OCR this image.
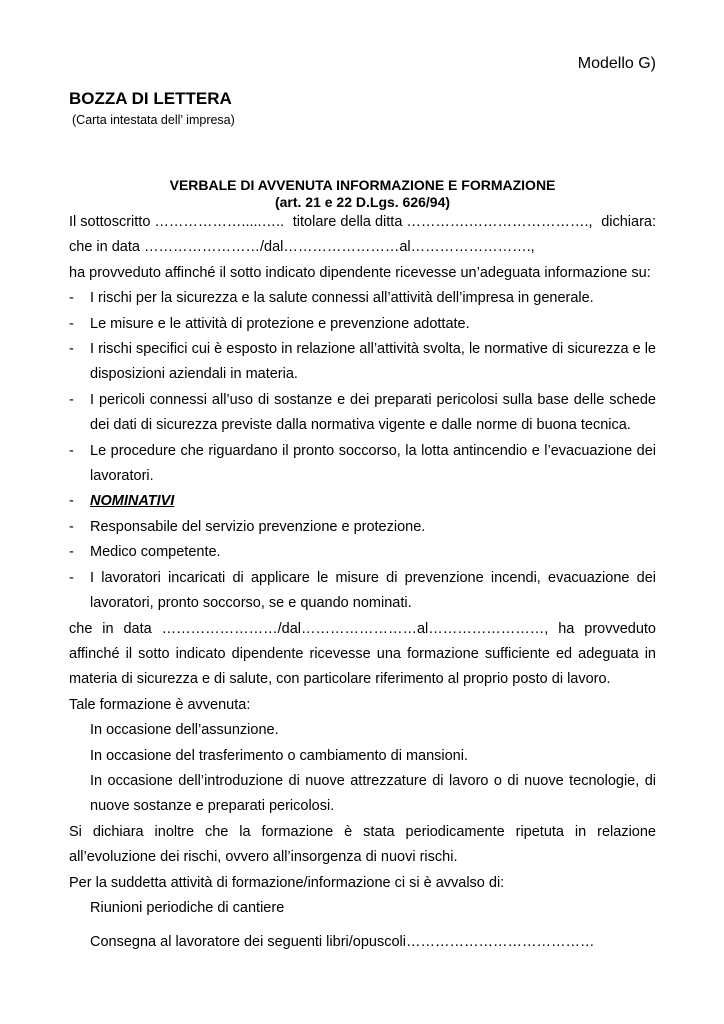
Modello G)
BOZZA DI LETTERA
(Carta intestata dell’ impresa)
VERBALE DI AVVENUTA INFORMAZIONE E FORMAZIONE
(art. 21 e 22 D.Lgs. 626/94)
Il sottoscritto ……………….....….. titolare della ditta ………….……………………., dichiara:
che in data ……………………/dal……………………al…………………….,
ha provveduto affinché il sotto indicato dipendente ricevesse un’adeguata informazione su:
-	I rischi per la sicurezza e la salute connessi all’attività dell’impresa in generale.
-	Le misure e le attività di protezione e prevenzione adottate.
-	I rischi specifici cui è esposto in relazione all’attività svolta, le normative di sicurezza e le disposizioni aziendali in materia.
-	I pericoli connessi all’uso di sostanze e dei preparati pericolosi sulla base delle schede dei dati di sicurezza previste dalla normativa vigente e dalle norme di buona tecnica.
-	Le procedure che riguardano il pronto soccorso, la lotta antincendio e l’evacuazione dei lavoratori.
-	NOMINATIVI
-	Responsabile del servizio prevenzione e protezione.
-	Medico competente.
-	I lavoratori incaricati di applicare le misure di prevenzione incendi, evacuazione dei lavoratori, pronto soccorso, se e quando nominati.
che in data ……………………/dal……………………al……………………, ha provveduto affinché il sotto indicato dipendente ricevesse una formazione sufficiente ed adeguata in materia di sicurezza e di salute, con particolare riferimento al proprio posto di lavoro.
Tale formazione è avvenuta:
In occasione dell’assunzione.
In occasione del trasferimento o cambiamento di mansioni.
In occasione dell’introduzione di nuove attrezzature di lavoro o di nuove tecnologie, di nuove sostanze e preparati pericolosi.
Si dichiara inoltre che la formazione è stata periodicamente ripetuta in relazione all’evoluzione dei rischi, ovvero all’insorgenza di nuovi rischi.
Per la suddetta attività di formazione/informazione ci si è avvalso di:
Riunioni periodiche di cantiere
Consegna al lavoratore dei seguenti libri/opuscoli…………………………………
